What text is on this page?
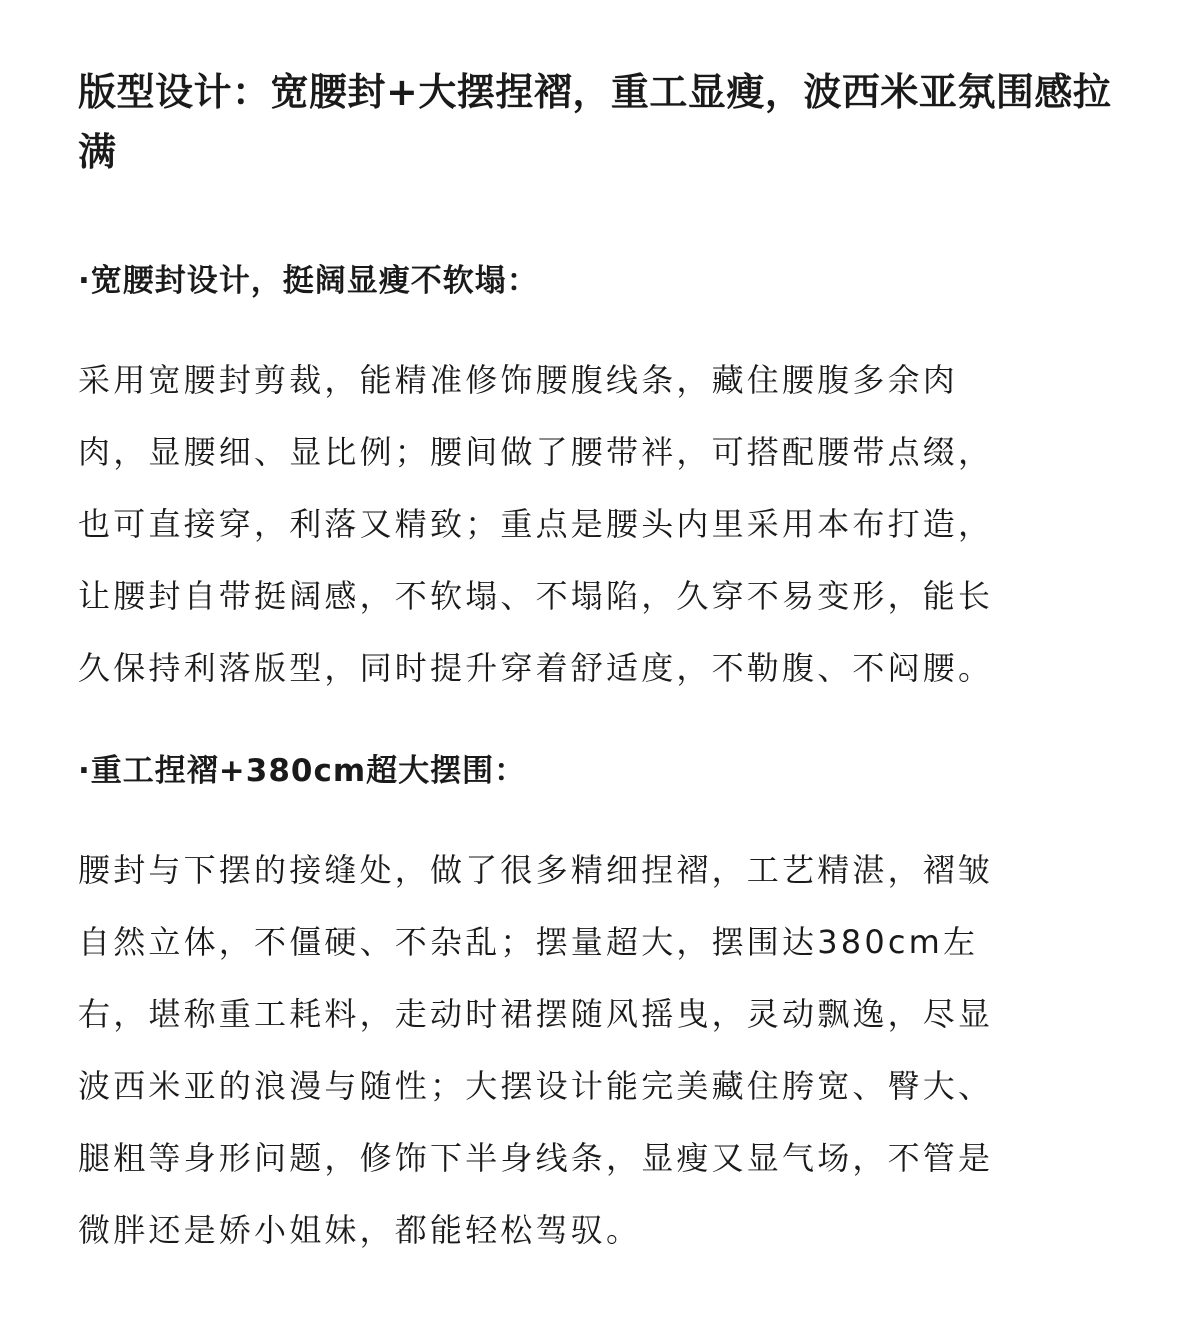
版型设计：宽腰封+大摆捏褶，重工显瘦，波西米亚氛围感拉满
·宽腰封设计，挺阔显瘦不软塌：

采用宽腰封剪裁，能精准修饰腰腹线条，藏住腰腹多余肉

肉，显腰细、显比例；腰间做了腰带袢，可搭配腰带点缀，

也可直接穿，利落又精致；重点是腰头内里采用本布打造，

让腰封自带挺阔感，不软塌、不塌陷，久穿不易变形，能长

久保持利落版型，同时提升穿着舒适度，不勒腹、不闷腰。

·重工捏褶+380cm超大摆围：

腰封与下摆的接缝处，做了很多精细捏褶，工艺精湛，褶皱

自然立体，不僵硬、不杂乱；摆量超大，摆围达380cm左

右，堪称重工耗料，走动时裙摆随风摇曳，灵动飘逸，尽显

波西米亚的浪漫与随性；大摆设计能完美藏住胯宽、臀大、

腿粗等身形问题，修饰下半身线条，显瘦又显气场，不管是

微胖还是娇小姐妹，都能轻松驾驭。
